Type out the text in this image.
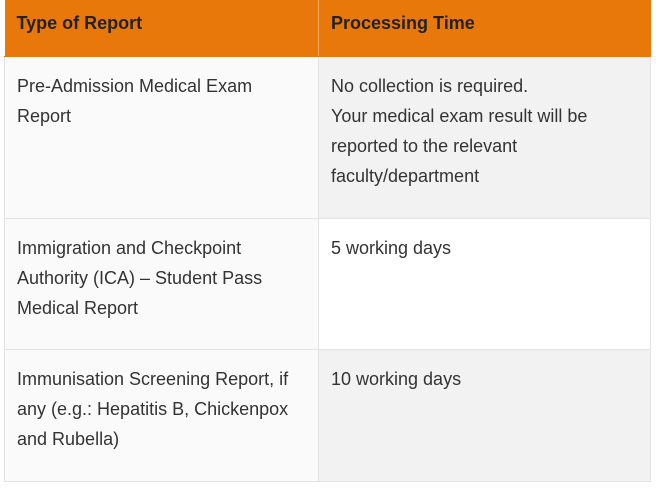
Type of Report	Processing Time
Pre-Admission Medical Exam Report	No collection is required.
Your medical exam result will be reported to the relevant faculty/department

Immigration and Checkpoint Authority (ICA) – Student Pass Medical Report	5 working days

Immunisation Screening Report, if any (e.g.: Hepatitis B, Chickenpox and Rubella)	10 working days
